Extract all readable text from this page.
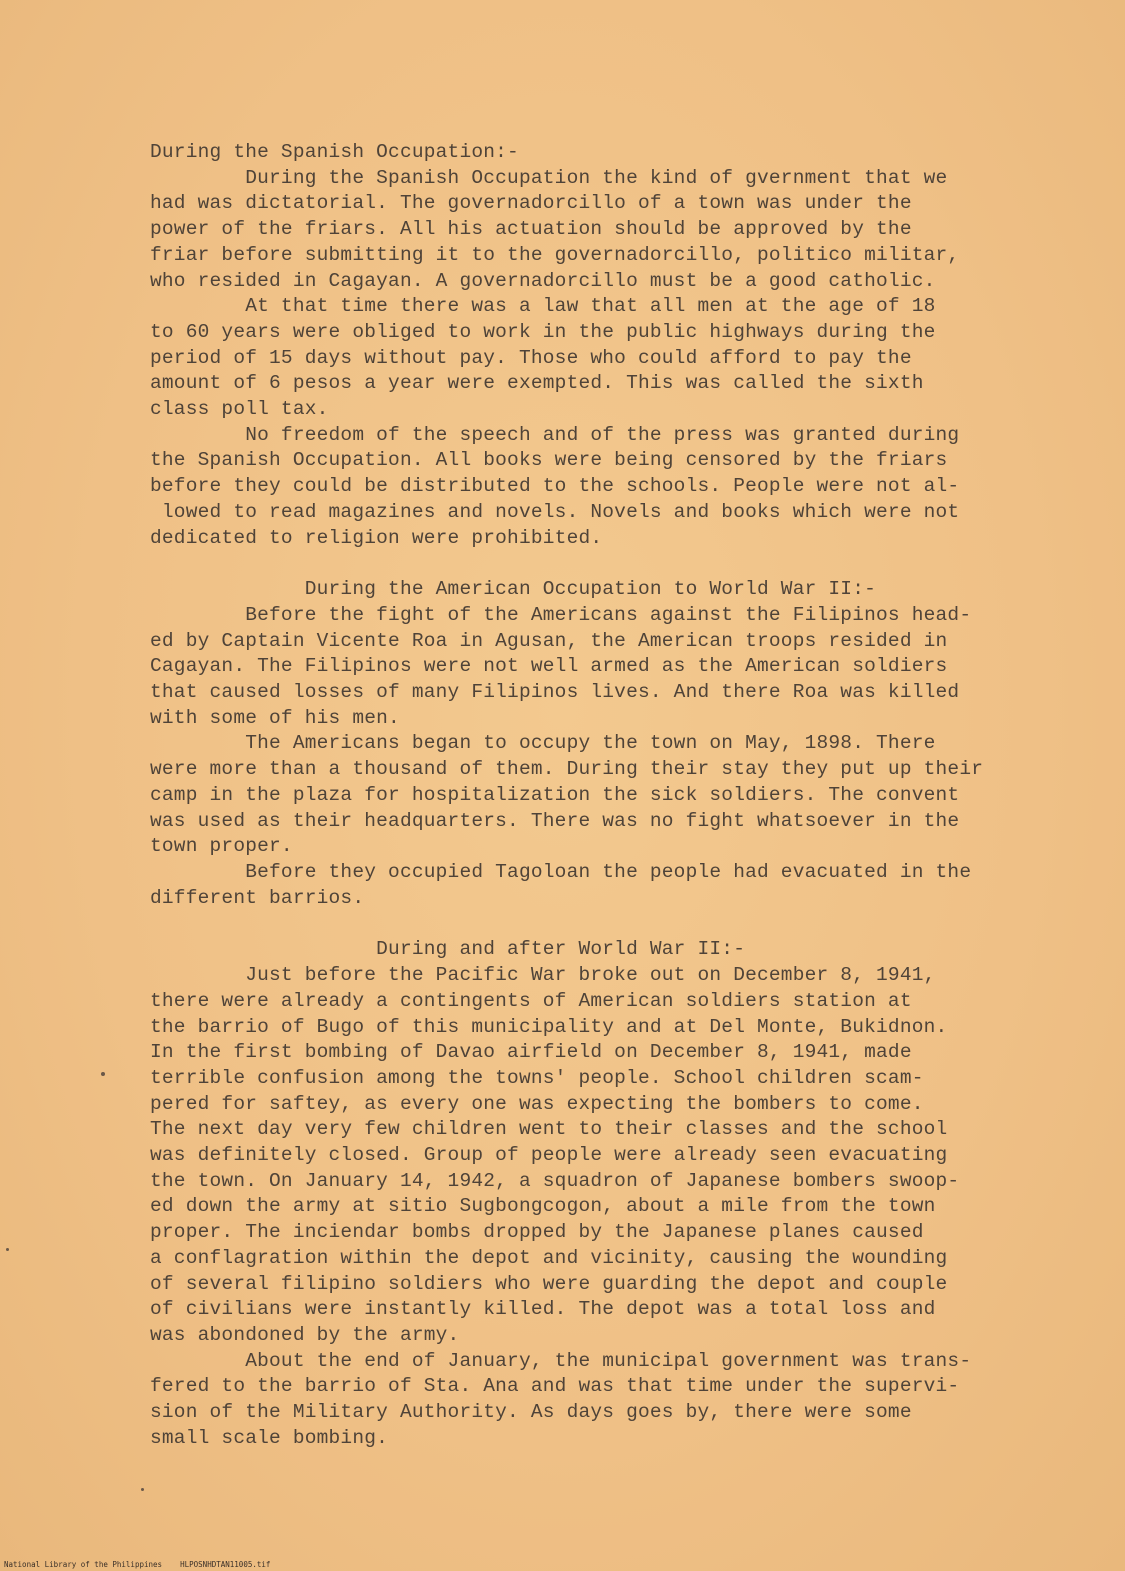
During the Spanish Occupation:-
During the Spanish Occupation the kind of gvernment that we
had was dictatorial. The governadorcillo of a town was under the
power of the friars. All his actuation should be approved by the
friar before submitting it to the governadorcillo, politico militar,
who resided in Cagayan. A governadorcillo must be a good catholic.
At that time there was a law that all men at the age of 18
to 60 years were obliged to work in the public highways during the
period of 15 days without pay. Those who could afford to pay the
amount of 6 pesos a year were exempted. This was called the sixth
class poll tax.
No freedom of the speech and of the press was granted during
the Spanish Occupation. All books were being censored by the friars
before they could be distributed to the schools. People were not al-
lowed to read magazines and novels. Novels and books which were not
dedicated to religion were prohibited.
During the American Occupation to World War II:-
Before the fight of the Americans against the Filipinos head-
ed by Captain Vicente Roa in Agusan, the American troops resided in
Cagayan. The Filipinos were not well armed as the American soldiers
that caused losses of many Filipinos lives. And there Roa was killed
with some of his men.
The Americans began to occupy the town on May, 1898. There
were more than a thousand of them. During their stay they put up their
camp in the plaza for hospitalization the sick soldiers. The convent
was used as their headquarters. There was no fight whatsoever in the
town proper.
Before they occupied Tagoloan the people had evacuated in the
different barrios.
During and after World War II:-
Just before the Pacific War broke out on December 8, 1941,
there were already a contingents of American soldiers station at
the barrio of Bugo of this municipality and at Del Monte, Bukidnon.
In the first bombing of Davao airfield on December 8, 1941, made
terrible confusion among the towns' people. School children scam-
pered for saftey, as every one was expecting the bombers to come.
The next day very few children went to their classes and the school
was definitely closed. Group of people were already seen evacuating
the town. On January 14, 1942, a squadron of Japanese bombers swoop-
ed down the army at sitio Sugbongcogon, about a mile from the town
proper. The inciendar bombs dropped by the Japanese planes caused
a conflagration within the depot and vicinity, causing the wounding
of several filipino soldiers who were guarding the depot and couple
of civilians were instantly killed. The depot was a total loss and
was abondoned by the army.
About the end of January, the municipal government was trans-
fered to the barrio of Sta. Ana and was that time under the supervi-
sion of the Military Authority. As days goes by, there were some
small scale bombing.
National Library of the Philippines    HLPOSNHDTAN11005.tif
